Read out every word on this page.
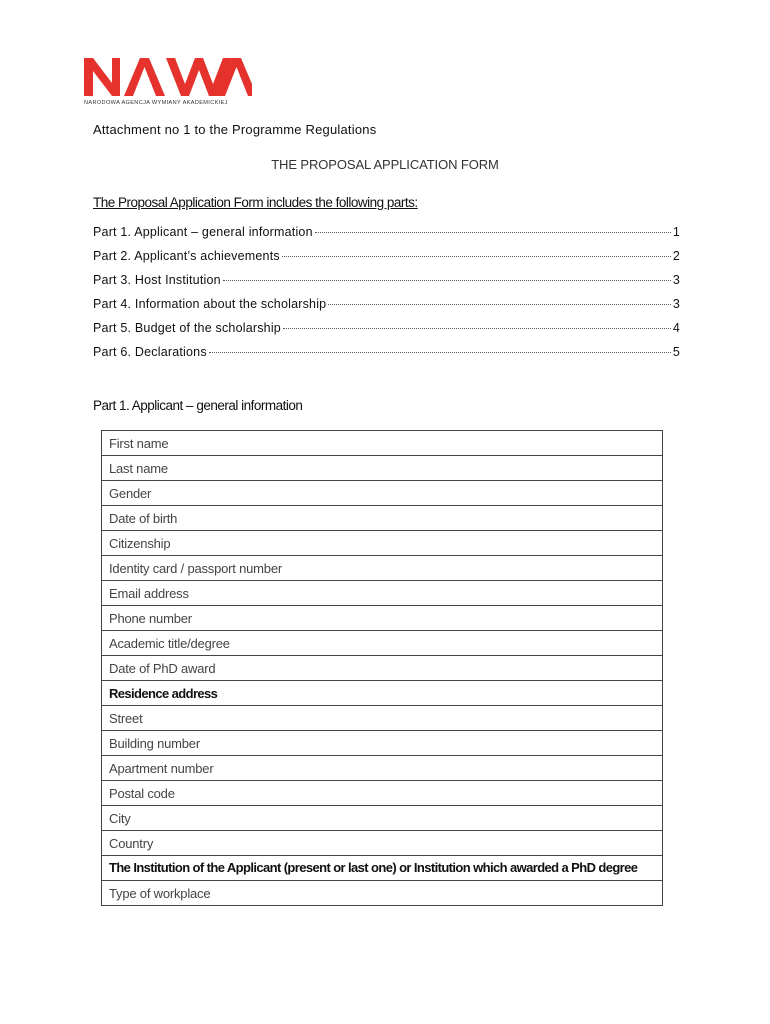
NARODOWA AGENCJA WYMIANY AKADEMICKIEJ
Attachment no 1 to the Programme Regulations
THE PROPOSAL APPLICATION FORM
The Proposal Application Form includes the following parts:
Part 1. Applicant – general information	1
Part 2. Applicant’s achievements	2
Part 3. Host Institution	3
Part 4. Information about the scholarship	3
Part 5. Budget of the scholarship	4
Part 6. Declarations	5
Part 1. Applicant – general information
First name
Last name
Gender
Date of birth
Citizenship
Identity card / passport number
Email address
Phone number
Academic title/degree
Date of PhD award
Residence address
Street
Building number
Apartment number
Postal code
City
Country
The Institution of the Applicant (present or last one) or Institution which awarded a PhD degree
Type of workplace
